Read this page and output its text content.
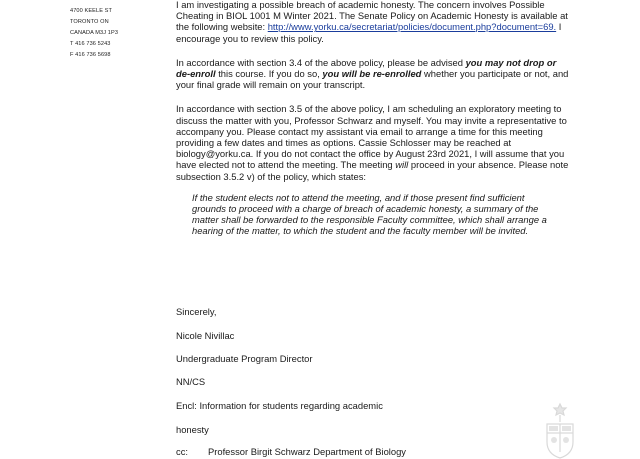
4700 KEELE ST
TORONTO ON
CANADA M3J 1P3
T 416 736 5243
F 416 736 5698

I am investigating a possible breach of academic honesty. The concern involves Possible Cheating in BIOL 1001 M Winter 2021. The Senate Policy on Academic Honesty is available at the following website: http://www.yorku.ca/secretariat/policies/document.php?document=69. I encourage you to review this policy.

In accordance with section 3.4 of the above policy, please be advised you may not drop or de-enroll this course. If you do so, you will be re-enrolled whether you participate or not, and your final grade will remain on your transcript.

In accordance with section 3.5 of the above policy, I am scheduling an exploratory meeting to discuss the matter with you, Professor Schwarz and myself. You may invite a representative to accompany you. Please contact my assistant via email to arrange a time for this meeting providing a few dates and times as options. Cassie Schlosser may be reached at biology@yorku.ca. If you do not contact the office by August 23rd 2021, I will assume that you have elected not to attend the meeting. The meeting will proceed in your absence. Please note subsection 3.5.2 v) of the policy, which states:

If the student elects not to attend the meeting, and if those present find sufficient grounds to proceed with a charge of breach of academic honesty, a summary of the matter shall be forwarded to the responsible Faculty committee, which shall arrange a hearing of the matter, to which the student and the faculty member will be invited.

Sincerely,
Nicole Nivillac
Undergraduate Program Director
NN/CS
Encl: Information for students regarding academic
honesty
cc: Professor Birgit Schwarz Department of Biology
